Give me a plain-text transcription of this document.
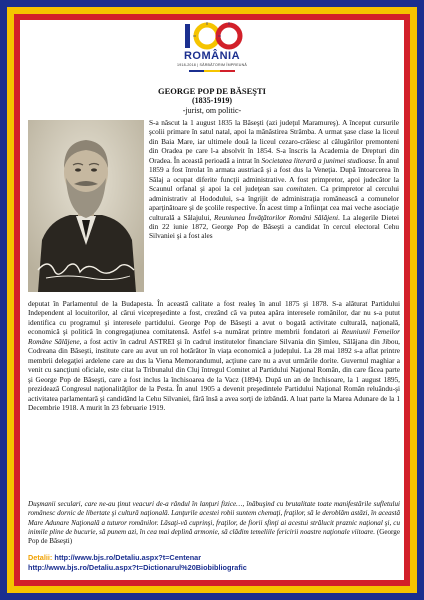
ROMÂNIA
1918-2018 | SĂRBĂTORIM ÎMPREUNĂ
GEORGE POP DE BĂSEŞTI
(1835-1919)
-jurist, om politic-
S-a născut la 1 august 1835 la Băseşti (azi judeţul Maramureş). A început cursurile şcolii primare în satul natal, apoi la mănăstirea Strâmba. A urmat şase clase la liceul din Baia Mare, iar ultimele două la liceul cezaro-crăiesc al călugărilor premonteni din Oradea pe care l-a absolvit în 1854. S-a înscris la Academia de Drepturi din Oradea. În această perioadă a intrat în Societatea literară a junimei studioase. În anul 1859 a fost înrolat în armata austriacă şi a fost dus la Veneţia. După întoarcerea în Sălaj a ocupat diferite funcţii administrative. A fost primpretor, apoi judecător la Scaunul orfanal şi apoi la cel judeţean sau comitaten. Ca primpretor al cercului administrativ al Hododului, s-a îngrijit de administraţia românească a comunelor aparţinătoare şi de şcolile respective. În acest timp a înfiinţat cea mai veche asociaţie culturală a Sălajului, Reuniunea Învăţătorilor Români Sălăjeni. La alegerile Dietei din 22 iunie 1872, George Pop de Băseşti a candidat în cercul electoral Cehu Silvaniei şi a fost ales
deputat în Parlamentul de la Budapesta. În această calitate a fost realeş în anul 1875 şi 1878. S-a alăturat Partidului Independent al locuitorilor, al cărui vicepreşedinte a fost, crezând că va putea apăra interesele românilor, dar nu s-a putut identifica cu programul şi interesele partidului. George Pop de Băseşti a avut o bogată activitate culturală, naţională, economică şi politică în congregaţiunea comitatensă. Astfel s-a numărat printre membrii fondatori ai Reuniunii Femeilor Române Sălăjene, a fost activ în cadrul ASTREI şi în cadrul institutelor financiare Silvania din Şimleu, Sălăjana din Jibou, Codreana din Băseşti, institute care au avut un rol hotărâtor în viaţa economică a judeţului. La 28 mai 1892 s-a aflat printre membrii delegaţiei ardelene care au dus la Viena Memorandumul, acţiune care nu a avut urmările dorite. Guvernul maghiar a venit cu sancţiuni oficiale, este citat la Tribunalul din Cluj întregul Comitet al Partidului Naţional Român, din care făcea parte şi George Pop de Băseşti, care a fost inclus la închisoarea de la Vacz (1894). După un an de închisoare, la 1 august 1895, prezidează Congresul naţionalităţilor de la Pesta. În anul 1905 a devenit preşedintele Partidului Naţional Român reluându-şi activitatea parlamentară şi candidând la Cehu Silvaniei, fără însă a avea sorţi de izbândă. A luat parte la Marea Adunare de la 1 Decembrie 1918. A murit în 23 februarie 1919.
Duşmanii seculari, care ne-au ţinut veacuri de-a rândul în lanţuri fizice…, înăbuşind cu brutalitate toate manifestările sufletului românesc dornic de libertate şi cultură naţională. Lanţurile acestei robii suntem chemaţi, fraţilor, să le deroblăm astăzi, în această Mare Adunare Naţională a tuturor românilor. Lăsaţi-vă cuprinşi, fraţilor, de fiorii sfinţi ai acestui strălucit praznic naţional şi, cu inimile pline de bucurie, să punem azi, în cea mai deplină armonie, să clădim temeliile fericirii noastre naţionale viitoare. (George Pop de Băseşti)
Detalii: http://www.bjs.ro/Detaliu.aspx?t=Centenar
http://www.bjs.ro/Detaliu.aspx?t=Dictionarul%20Biobibliografic
